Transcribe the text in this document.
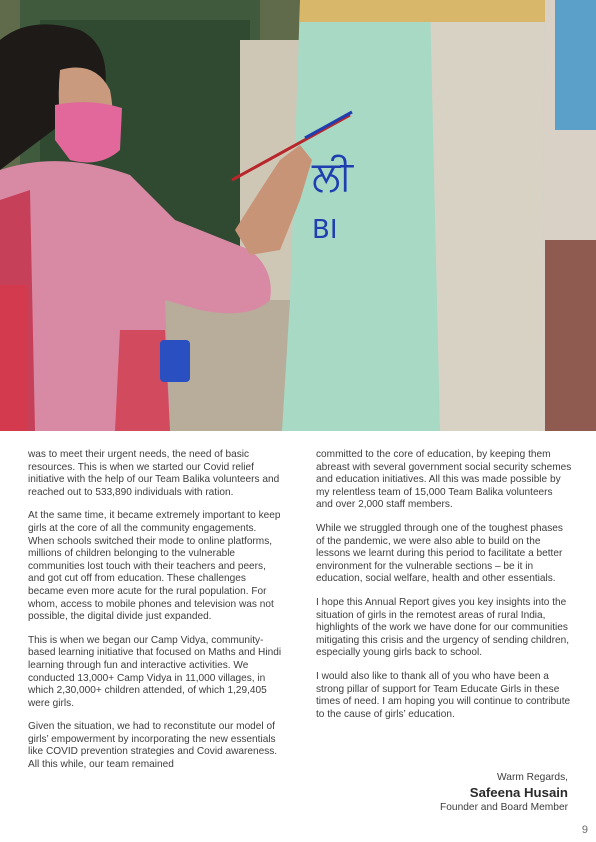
ਲੀ
BI

was to meet their urgent needs, the need of basic resources. This is when we started our Covid relief initiative with the help of our Team Balika volunteers and reached out to 533,890 individuals with ration.

At the same time, it became extremely important to keep girls at the core of all the community engagements. When schools switched their mode to online platforms, millions of children belonging to the vulnerable communities lost touch with their teachers and peers, and got cut off from education. These challenges became even more acute for the rural population. For whom, access to mobile phones and television was not possible, the digital divide just expanded.

This is when we began our Camp Vidya, community-based learning initiative that focused on Maths and Hindi learning through fun and interactive activities. We conducted 13,000+ Camp Vidya in 11,000 villages, in which 2,30,000+ children attended, of which 1,29,405 were girls.

Given the situation, we had to reconstitute our model of girls’ empowerment by incorporating the new essentials like COVID prevention strategies and Covid awareness. All this while, our team remained

committed to the core of education, by keeping them abreast with several government social security schemes and education initiatives. All this was made possible by my relentless team of 15,000 Team Balika volunteers and over 2,000 staff members.

While we struggled through one of the toughest phases of the pandemic, we were also able to build on the lessons we learnt during this period to facilitate a better environment for the vulnerable sections – be it in education, social welfare, health and other essentials.

I hope this Annual Report gives you key insights into the situation of girls in the remotest areas of rural India, highlights of the work we have done for our communities mitigating this crisis and the urgency of sending children, especially young girls back to school.

I would also like to thank all of you who have been a strong pillar of support for Team Educate Girls in these times of need. I am hoping you will continue to contribute to the cause of girls’ education.

Warm Regards,
Safeena Husain
Founder and Board Member
9
